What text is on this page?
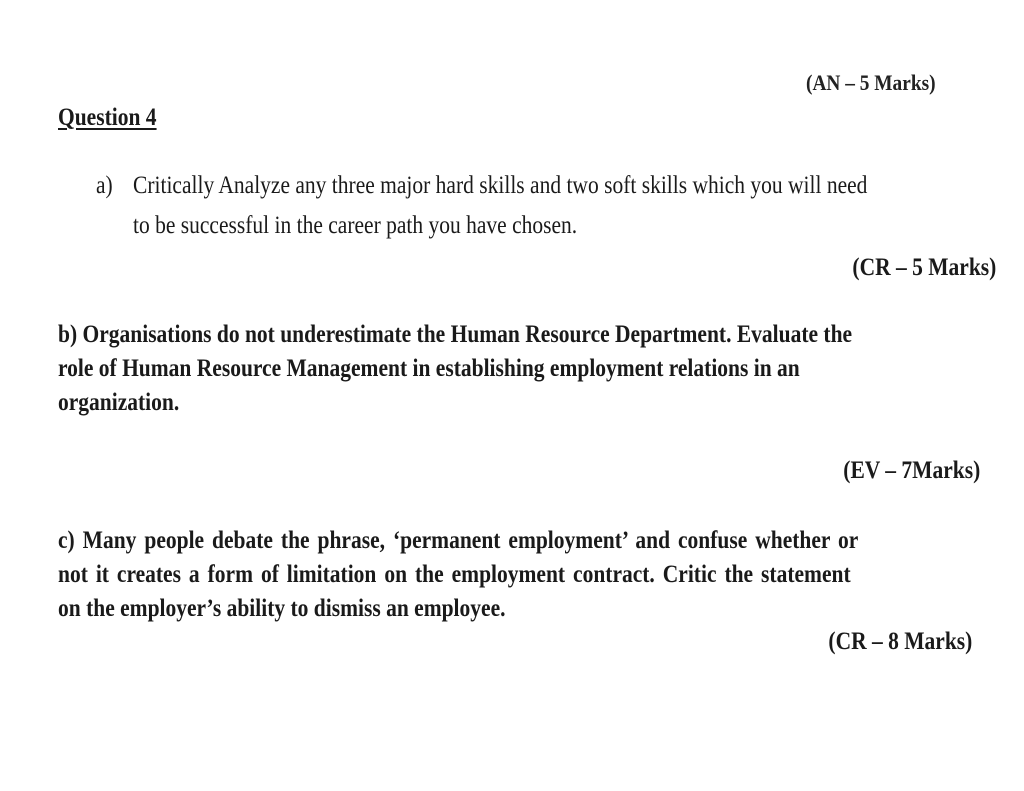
(AN – 5 Marks)
Question 4
a) Critically Analyze any three major hard skills and two soft skills which you will need
to be successful in the career path you have chosen.
(CR – 5 Marks)
b) Organisations do not underestimate the Human Resource Department. Evaluate the
role of Human Resource Management in establishing employment relations in an
organization.
(EV – 7Marks)
c) Many people debate the phrase, ‘permanent employment’ and confuse whether or
not it creates a form of limitation on the employment contract. Critic the statement
on the employer’s ability to dismiss an employee.
(CR – 8 Marks)
